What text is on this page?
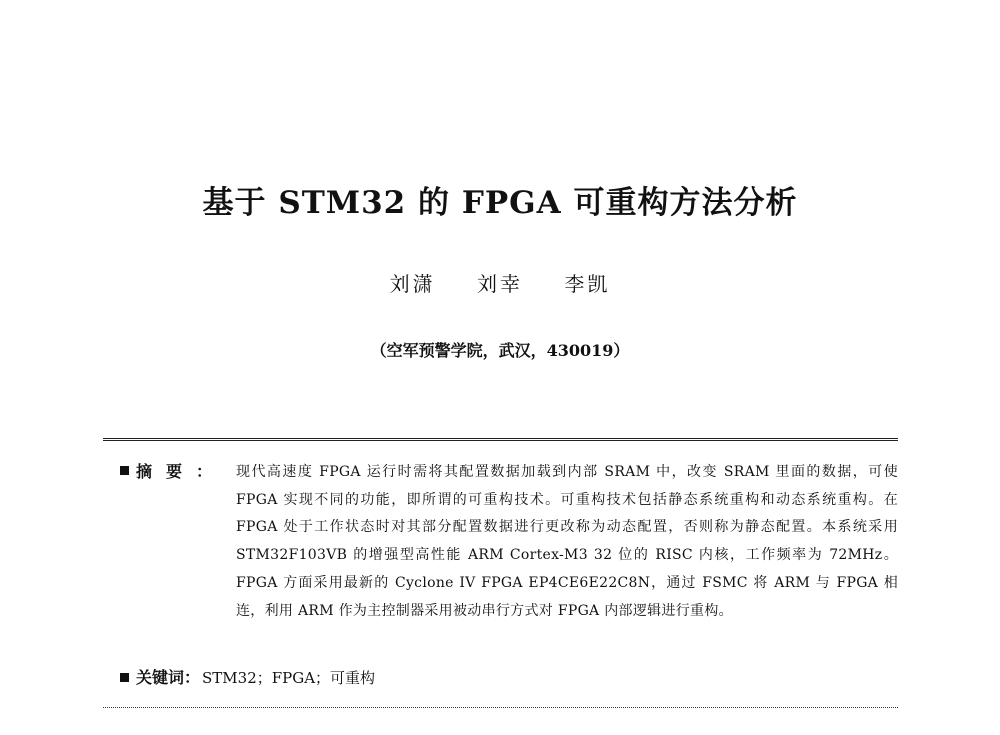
基于 STM32 的 FPGA 可重构方法分析
刘潇 刘幸 李凯
（空军预警学院，武汉，430019）
摘要： 现代高速度 FPGA 运行时需将其配置数据加载到内部 SRAM 中，改变 SRAM 里面的数据，可使 FPGA 实现不同的功能，即所谓的可重构技术。可重构技术包括静态系统重构和动态系统重构。在 FPGA 处于工作状态时对其部分配置数据进行更改称为动态配置，否则称为静态配置。本系统采用 STM32F103VB 的增强型高性能 ARM Cortex-M3 32 位的 RISC 内核，工作频率为 72MHz。FPGA 方面采用最新的 Cyclone IV FPGA EP4CE6E22C8N，通过 FSMC 将 ARM 与 FPGA 相连，利用 ARM 作为主控制器采用被动串行方式对 FPGA 内部逻辑进行重构。
关键词： STM32；FPGA；可重构
